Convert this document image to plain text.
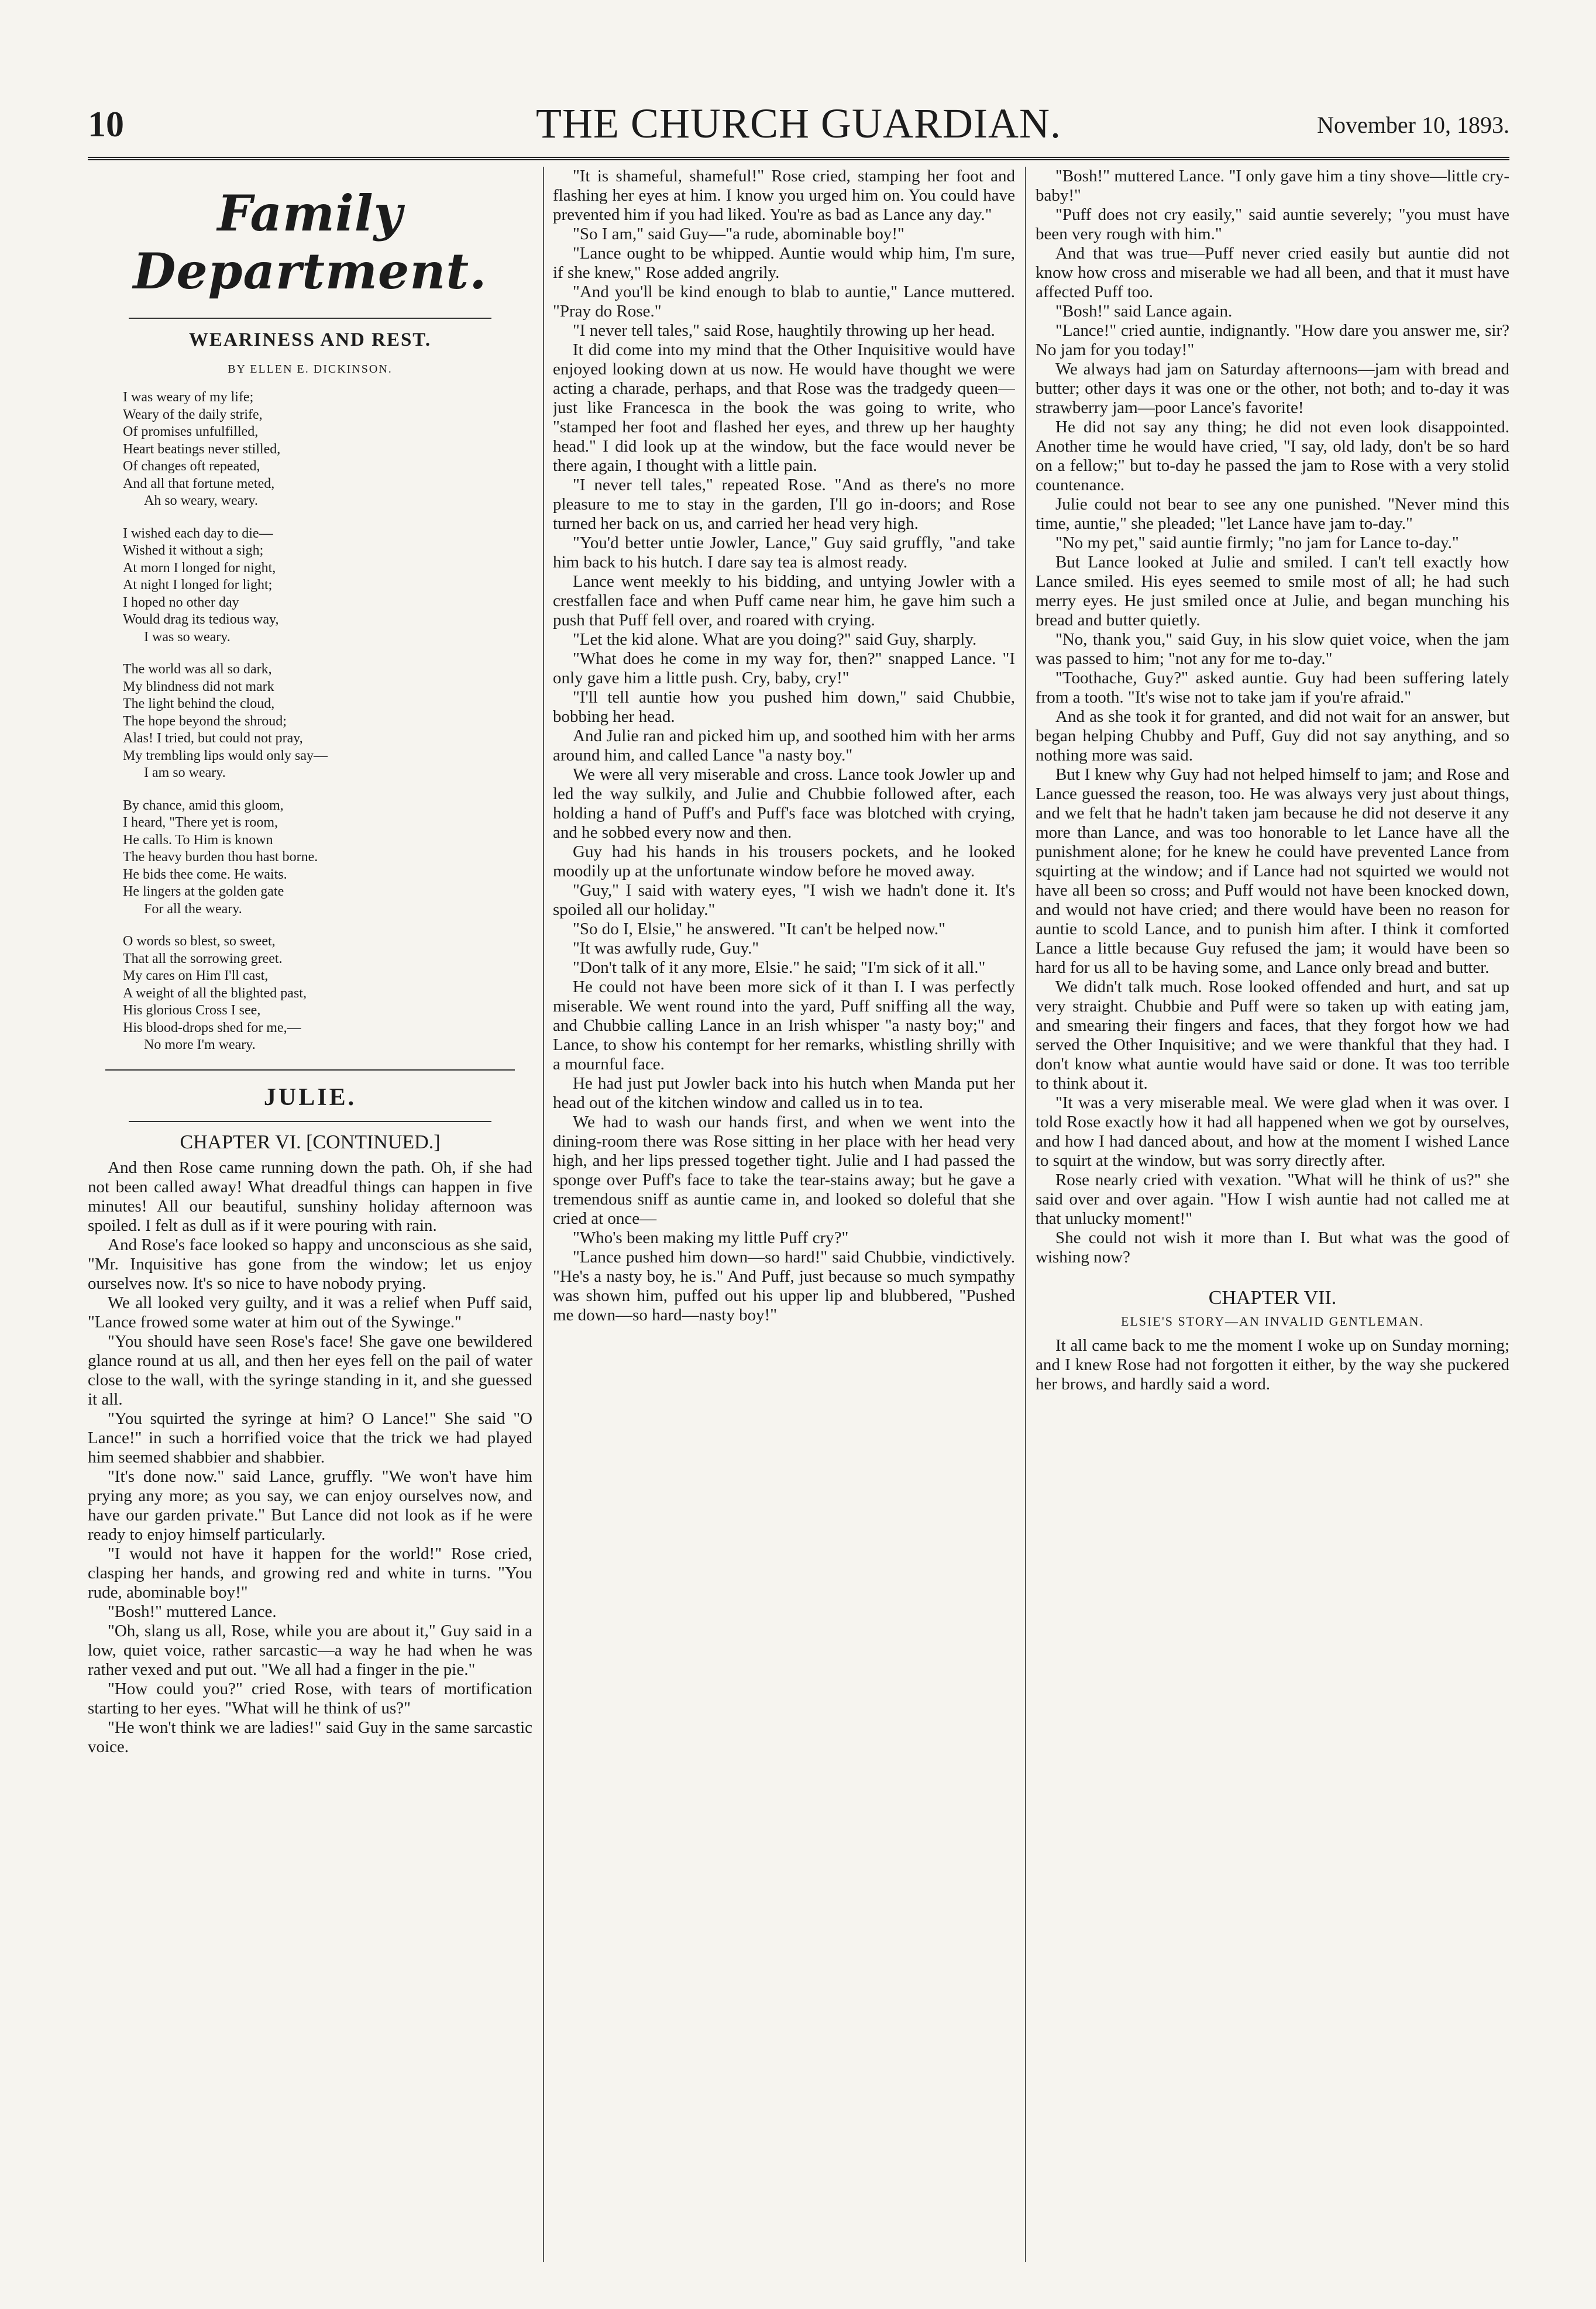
10	THE CHURCH GUARDIAN.	November 10, 1893.
Family Department.
WEARINESS AND REST.
BY ELLEN E. DICKINSON.
I was weary of my life;
Weary of the daily strife,
Of promises unfulfilled,
Heart beatings never stilled,
Of changes oft repeated,
And all that fortune meted,
Ah so weary, weary.
I wished each day to die—
Wished it without a sigh;
At morn I longed for night,
At night I longed for light;
I hoped no other day
Would drag its tedious way,
I was so weary.
The world was all so dark,
My blindness did not mark
The light behind the cloud,
The hope beyond the shroud;
Alas! I tried, but could not pray,
My trembling lips would only say—
I am so weary.
By chance, amid this gloom,
I heard, "There yet is room,
He calls. To Him is known
The heavy burden thou hast borne.
He bids thee come. He waits.
He lingers at the golden gate
For all the weary.
O words so blest, so sweet,
That all the sorrowing greet.
My cares on Him I'll cast,
A weight of all the blighted past,
His glorious Cross I see,
His blood-drops shed for me,—
No more I'm weary.
JULIE.
CHAPTER VI. [CONTINUED.]

And then Rose came running down the path. Oh, if she had not been called away! What dreadful things can happen in five minutes! All our beautiful, sunshiny holiday afternoon was spoiled. I felt as dull as if it were pouring with rain.

And Rose's face looked so happy and unconscious as she said, "Mr. Inquisitive has gone from the window; let us enjoy ourselves now. It's so nice to have nobody prying.

We all looked very guilty, and it was a relief when Puff said, "Lance frowed some water at him out of the Sywinge."

"You should have seen Rose's face! She gave one bewildered glance round at us all, and then her eyes fell on the pail of water close to the wall, with the syringe standing in it, and she guessed it all.

"You squirted the syringe at him? O Lance!" She said "O Lance!" in such a horrified voice that the trick we had played him seemed shabbier and shabbier.

"It's done now." said Lance, gruffly. "We won't have him prying any more; as you say, we can enjoy ourselves now, and have our garden private." But Lance did not look as if he were ready to enjoy himself particularly.

"I would not have it happen for the world!" Rose cried, clasping her hands, and growing red and white in turns. "You rude, abominable boy!"

"Bosh!" muttered Lance.

"Oh, slang us all, Rose, while you are about it," Guy said in a low, quiet voice, rather sarcastic—a way he had when he was rather vexed and put out. "We all had a finger in the pie."

"How could you?" cried Rose, with tears of mortification starting to her eyes. "What will he think of us?"

"He won't think we are ladies!" said Guy in the same sarcastic voice.

"It is shameful, shameful!" Rose cried, stamping her foot and flashing her eyes at him. I know you urged him on. You could have prevented him if you had liked. You're as bad as Lance any day."

"So I am," said Guy—"a rude, abominable boy!"

"Lance ought to be whipped. Auntie would whip him, I'm sure, if she knew," Rose added angrily.

"And you'll be kind enough to blab to auntie," Lance muttered. "Pray do Rose."

"I never tell tales," said Rose, haughtily throwing up her head.

It did come into my mind that the Other Inquisitive would have enjoyed looking down at us now. He would have thought we were acting a charade, perhaps, and that Rose was the tradgedy queen—just like Francesca in the book the was going to write, who "stamped her foot and flashed her eyes, and threw up her haughty head." I did look up at the window, but the face would never be there again, I thought with a little pain.

"I never tell tales," repeated Rose. "And as there's no more pleasure to me to stay in the garden, I'll go in-doors; and Rose turned her back on us, and carried her head very high.

"You'd better untie Jowler, Lance," Guy said gruffly, "and take him back to his hutch. I dare say tea is almost ready.

Lance went meekly to his bidding, and untying Jowler with a crestfallen face and when Puff came near him, he gave him such a push that Puff fell over, and roared with crying.

"Let the kid alone. What are you doing?" said Guy, sharply.

"What does he come in my way for, then?" snapped Lance. "I only gave him a little push. Cry, baby, cry!"

"I'll tell auntie how you pushed him down," said Chubbie, bobbing her head.

And Julie ran and picked him up, and soothed him with her arms around him, and called Lance "a nasty boy."

We were all very miserable and cross. Lance took Jowler up and led the way sulkily, and Julie and Chubbie followed after, each holding a hand of Puff's and Puff's face was blotched with crying, and he sobbed every now and then.

Guy had his hands in his trousers pockets, and he looked moodily up at the unfortunate window before he moved away.

"Guy," I said with watery eyes, "I wish we hadn't done it. It's spoiled all our holiday."

"So do I, Elsie," he answered. "It can't be helped now."

"It was awfully rude, Guy."

"Don't talk of it any more, Elsie." he said; "I'm sick of it all."

He could not have been more sick of it than I. I was perfectly miserable. We went round into the yard, Puff sniffing all the way, and Chubbie calling Lance in an Irish whisper "a nasty boy;" and Lance, to show his contempt for her remarks, whistling shrilly with a mournful face.

He had just put Jowler back into his hutch when Manda put her head out of the kitchen window and called us in to tea.

We had to wash our hands first, and when we went into the dining-room there was Rose sitting in her place with her head very high, and her lips pressed together tight. Julie and I had passed the sponge over Puff's face to take the tear-stains away; but he gave a tremendous sniff as auntie came in, and looked so doleful that she cried at once—

"Who's been making my little Puff cry?"

"Lance pushed him down—so hard!" said Chubbie, vindictively. "He's a nasty boy, he is." And Puff, just because so much sympathy was shown him, puffed out his upper lip and blubbered, "Pushed me down—so hard—nasty boy!"

"Bosh!" muttered Lance. "I only gave him a tiny shove—little cry-baby!"

"Puff does not cry easily," said auntie severely; "you must have been very rough with him."

And that was true—Puff never cried easily but auntie did not know how cross and miserable we had all been, and that it must have affected Puff too.

"Bosh!" said Lance again.

"Lance!" cried auntie, indignantly. "How dare you answer me, sir? No jam for you today!"

We always had jam on Saturday afternoons—jam with bread and butter; other days it was one or the other, not both; and to-day it was strawberry jam—poor Lance's favorite!

He did not say any thing; he did not even look disappointed. Another time he would have cried, "I say, old lady, don't be so hard on a fellow;" but to-day he passed the jam to Rose with a very stolid countenance.

Julie could not bear to see any one punished. "Never mind this time, auntie," she pleaded; "let Lance have jam to-day."

"No my pet," said auntie firmly; "no jam for Lance to-day."

But Lance looked at Julie and smiled. I can't tell exactly how Lance smiled. His eyes seemed to smile most of all; he had such merry eyes. He just smiled once at Julie, and began munching his bread and butter quietly.

"No, thank you," said Guy, in his slow quiet voice, when the jam was passed to him; "not any for me to-day."

"Toothache, Guy?" asked auntie. Guy had been suffering lately from a tooth. "It's wise not to take jam if you're afraid."

And as she took it for granted, and did not wait for an answer, but began helping Chubby and Puff, Guy did not say anything, and so nothing more was said.

But I knew why Guy had not helped himself to jam; and Rose and Lance guessed the reason, too. He was always very just about things, and we felt that he hadn't taken jam because he did not deserve it any more than Lance, and was too honorable to let Lance have all the punishment alone; for he knew he could have prevented Lance from squirting at the window; and if Lance had not squirted we would not have all been so cross; and Puff would not have been knocked down, and would not have cried; and there would have been no reason for auntie to scold Lance, and to punish him after. I think it comforted Lance a little because Guy refused the jam; it would have been so hard for us all to be having some, and Lance only bread and butter.

We didn't talk much. Rose looked offended and hurt, and sat up very straight. Chubbie and Puff were so taken up with eating jam, and smearing their fingers and faces, that they forgot how we had served the Other Inquisitive; and we were thankful that they had. I don't know what auntie would have said or done. It was too terrible to think about it.

"It was a very miserable meal. We were glad when it was over. I told Rose exactly how it had all happened when we got by ourselves, and how I had danced about, and how at the moment I wished Lance to squirt at the window, but was sorry directly after.

Rose nearly cried with vexation. "What will he think of us?" she said over and over again. "How I wish auntie had not called me at that unlucky moment!"

She could not wish it more than I. But what was the good of wishing now?

CHAPTER VII.
ELSIE'S STORY—AN INVALID GENTLEMAN.

It all came back to me the moment I woke up on Sunday morning; and I knew Rose had not forgotten it either, by the way she puckered her brows, and hardly said a word.
